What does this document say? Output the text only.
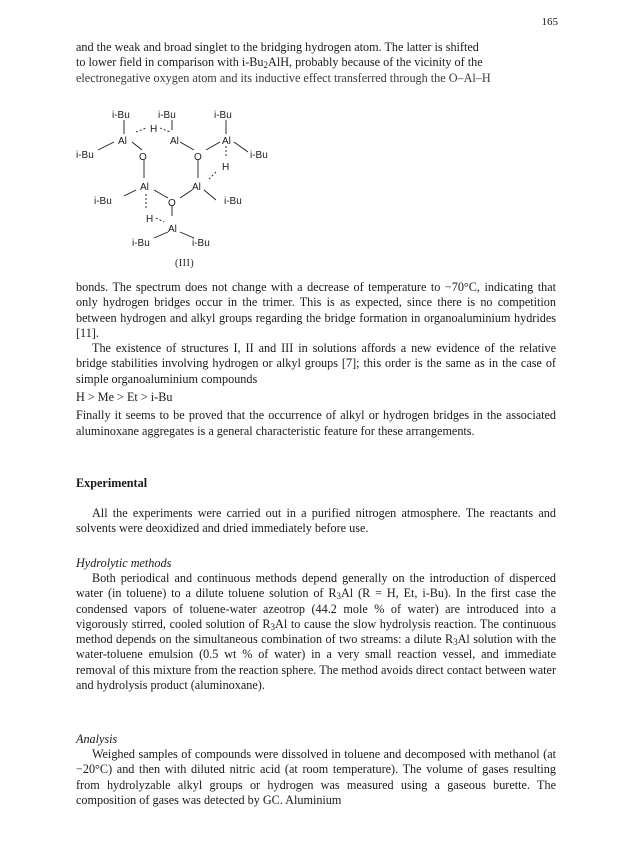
165

and the weak and broad singlet to the bridging hydrogen atom. The latter is shifted

to lower field in comparison with $i-Bu_2AlH$, probably because of the vicinity of the

electronegative oxygen atom and its inductive effect transferred through the O–Al–H

i-Bu	i-Bu	i-Bu
H
Al	Al	Al
i-Bu	O	O	i-Bu
H
Al	Al
i-Bu	O	i-Bu
H
Al
i-Bu	i-Bu
(III)

bonds. The spectrum does not change with a decrease of temperature to −70°C, indicating that only hydrogen bridges occur in the trimer. This is as expected, since there is no competition between hydrogen and alkyl groups regarding the bridge formation in organoaluminium hydrides [11].

The existence of structures I, II and III in solutions affords a new evidence of the relative bridge stabilities involving hydrogen or alkyl groups [7]; this order is the same as in the case of simple organoaluminium compounds

H > Me > Et > i-Bu

Finally it seems to be proved that the occurrence of alkyl or hydrogen bridges in the associated aluminoxane aggregates is a general characteristic feature for these arrangements.

Experimental

All the experiments were carried out in a purified nitrogen atmosphere. The reactants and solvents were deoxidized and dried immediately before use.

Hydrolytic methods

Both periodical and continuous methods depend generally on the introduction of disperced water (in toluene) to a dilute toluene solution of $R_3Al$ (R = H, Et, i-Bu). In the first case the condensed vapors of toluene-water azeotrop (44.2 mole % of water) are introduced into a vigorously stirred, cooled solution of $R_3Al$ to cause the slow hydrolysis reaction. The continuous method depends on the simultaneous combination of two streams: a dilute $R_3Al$ solution with the water-toluene emulsion (0.5 wt % of water) in a very small reaction vessel, and immediate removal of this mixture from the reaction sphere. The method avoids direct contact between water and hydrolysis product (aluminoxane).

Analysis

Weighed samples of compounds were dissolved in toluene and decomposed with methanol (at −20°C) and then with diluted nitric acid (at room temperature). The volume of gases resulting from hydrolyzable alkyl groups or hydrogen was measured using a gaseous burette. The composition of gases was detected by GC. Aluminium
